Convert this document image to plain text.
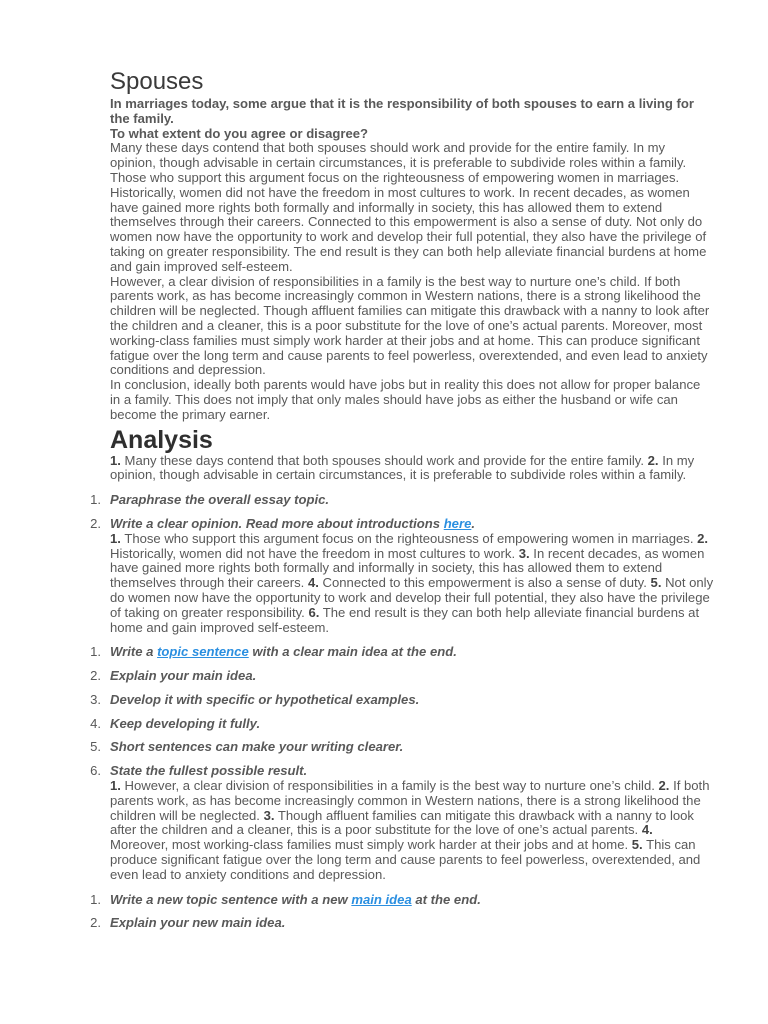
Spouses

In marriages today, some argue that it is the responsibility of both spouses to earn a living for the family.

To what extent do you agree or disagree?

Many these days contend that both spouses should work and provide for the entire family. In my opinion, though advisable in certain circumstances, it is preferable to subdivide roles within a family.

Those who support this argument focus on the righteousness of empowering women in marriages. Historically, women did not have the freedom in most cultures to work. In recent decades, as women have gained more rights both formally and informally in society, this has allowed them to extend themselves through their careers. Connected to this empowerment is also a sense of duty. Not only do women now have the opportunity to work and develop their full potential, they also have the privilege of taking on greater responsibility. The end result is they can both help alleviate financial burdens at home and gain improved self-esteem.

However, a clear division of responsibilities in a family is the best way to nurture one’s child. If both parents work, as has become increasingly common in Western nations, there is a strong likelihood the children will be neglected. Though affluent families can mitigate this drawback with a nanny to look after the children and a cleaner, this is a poor substitute for the love of one’s actual parents. Moreover, most working-class families must simply work harder at their jobs and at home. This can produce significant fatigue over the long term and cause parents to feel powerless, overextended, and even lead to anxiety conditions and depression.

In conclusion, ideally both parents would have jobs but in reality this does not allow for proper balance in a family. This does not imply that only males should have jobs as either the husband or wife can become the primary earner.

Analysis

1. Many these days contend that both spouses should work and provide for the entire family. 2. In my opinion, though advisable in certain circumstances, it is preferable to subdivide roles within a family.

1. Paraphrase the overall essay topic.
2. Write a clear opinion. Read more about introductions here.

1. Those who support this argument focus on the righteousness of empowering women in marriages. 2. Historically, women did not have the freedom in most cultures to work. 3. In recent decades, as women have gained more rights both formally and informally in society, this has allowed them to extend themselves through their careers. 4. Connected to this empowerment is also a sense of duty. 5. Not only do women now have the opportunity to work and develop their full potential, they also have the privilege of taking on greater responsibility. 6. The end result is they can both help alleviate financial burdens at home and gain improved self-esteem.

1. Write a topic sentence with a clear main idea at the end.
2. Explain your main idea.
3. Develop it with specific or hypothetical examples.
4. Keep developing it fully.
5. Short sentences can make your writing clearer.
6. State the fullest possible result.

1. However, a clear division of responsibilities in a family is the best way to nurture one’s child. 2. If both parents work, as has become increasingly common in Western nations, there is a strong likelihood the children will be neglected. 3. Though affluent families can mitigate this drawback with a nanny to look after the children and a cleaner, this is a poor substitute for the love of one’s actual parents. 4. Moreover, most working-class families must simply work harder at their jobs and at home. 5. This can produce significant fatigue over the long term and cause parents to feel powerless, overextended, and even lead to anxiety conditions and depression.

1. Write a new topic sentence with a new main idea at the end.
2. Explain your new main idea.
